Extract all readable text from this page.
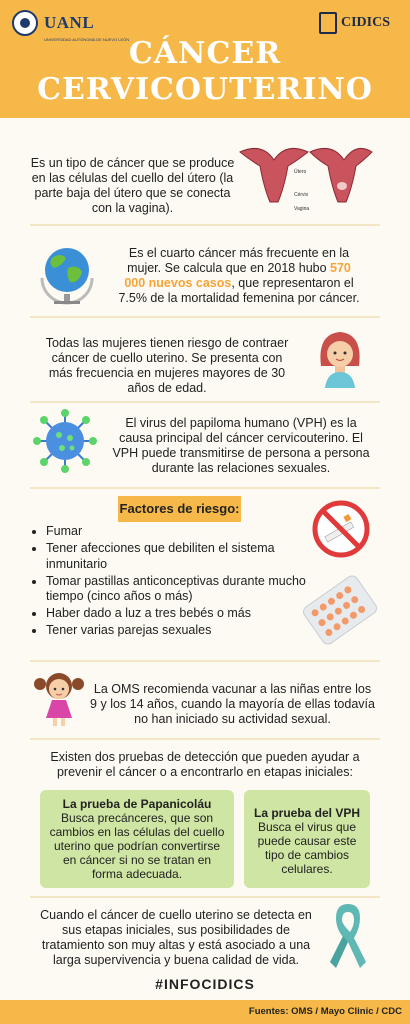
UANL
UNIVERSIDAD AUTÓNOMA DE NUEVO LEÓN
CIDICS
CÁNCER
CERVICOUTERINO
Es un tipo de cáncer que se produce en las células del cuello del útero (la parte baja del útero que se conecta con la vagina).
Útero
Cérvix
Vagina
Es el cuarto cáncer más frecuente en la mujer. Se calcula que en 2018 hubo 570 000 nuevos casos, que representaron el 7.5% de la mortalidad femenina por cáncer.
Todas las mujeres tienen riesgo de contraer cáncer de cuello uterino. Se presenta con más frecuencia en mujeres mayores de 30 años de edad.
El virus del papiloma humano (VPH) es la causa principal del cáncer cervicouterino. El VPH puede transmitirse de persona a persona durante las relaciones sexuales.
Factores de riesgo:
• Fumar
• Tener afecciones que debiliten el sistema inmunitario
• Tomar pastillas anticonceptivas durante mucho tiempo (cinco años o más)
• Haber dado a luz a tres bebés o más
• Tener varias parejas sexuales
La OMS recomienda vacunar a las niñas entre los 9 y los 14 años, cuando la mayoría de ellas todavía no han iniciado su actividad sexual.
Existen dos pruebas de detección que pueden ayudar a prevenir el cáncer o a encontrarlo en etapas iniciales:
La prueba de Papanicoláu
Busca precánceres, que son cambios en las células del cuello uterino que podrían convertirse en cáncer si no se tratan en forma adecuada.
La prueba del VPH
Busca el virus que puede causar este tipo de cambios celulares.
Cuando el cáncer de cuello uterino se detecta en sus etapas iniciales, sus posibilidades de tratamiento son muy altas y está asociado a una larga supervivencia y buena calidad de vida.
#INFOCIDICS
Fuentes: OMS / Mayo Clinic / CDC
